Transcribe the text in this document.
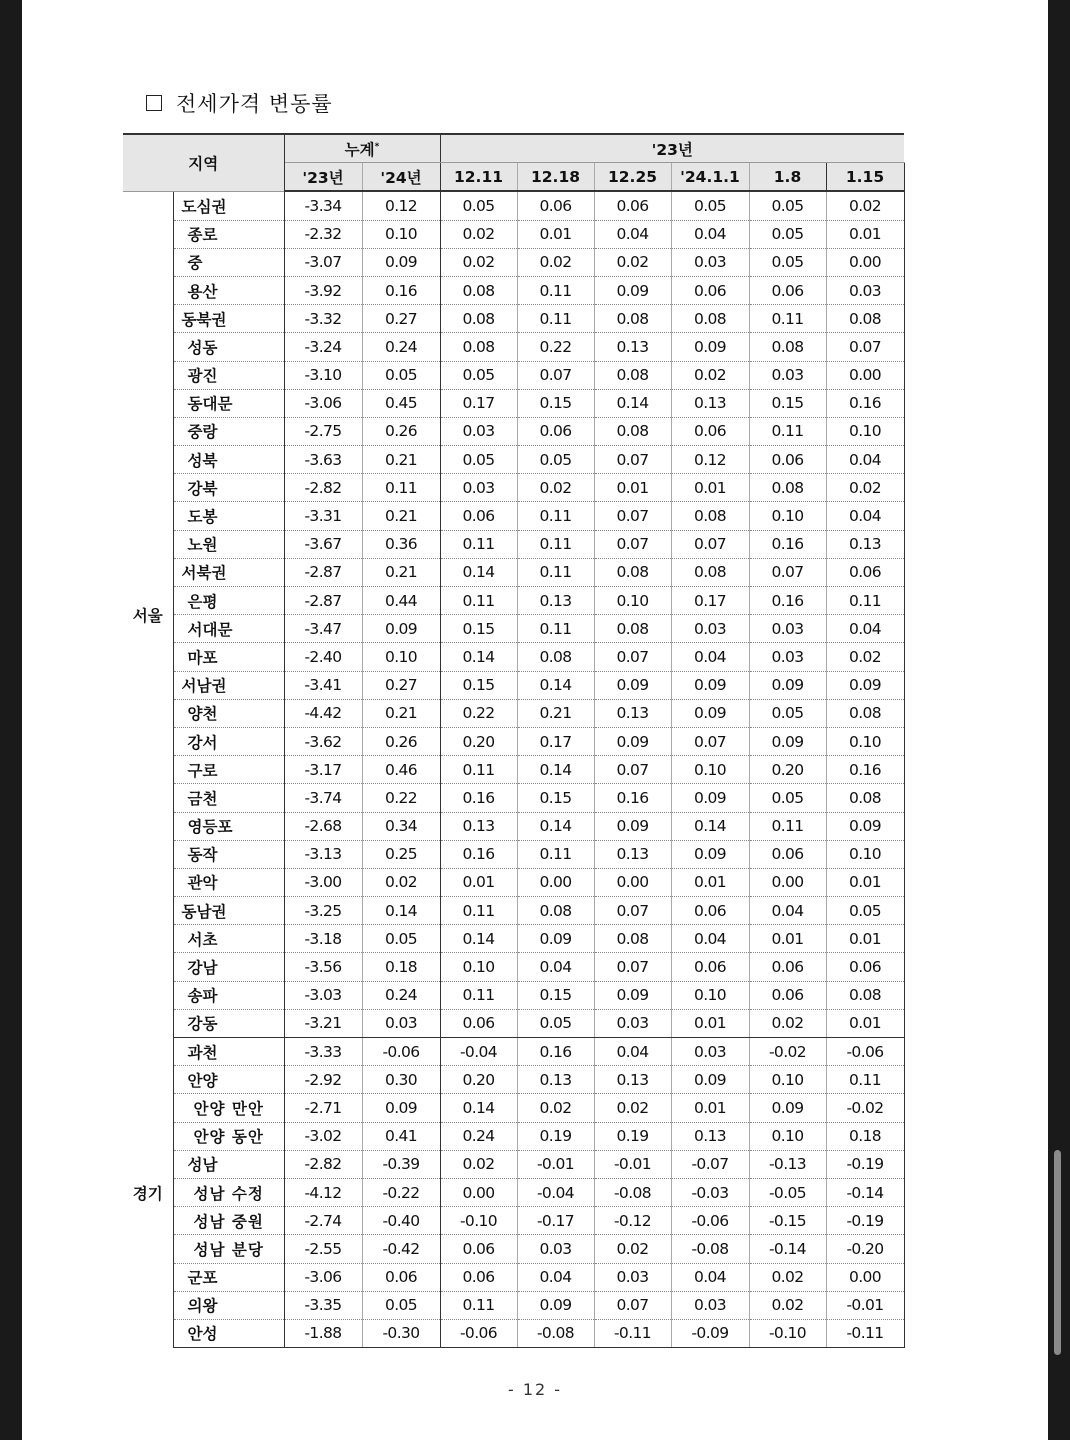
전세가격 변동률
지역		누계*		'23년					
		'23년	'24년	12.11	12.18	12.25	'24.1.1	1.8	1.15
서울	도심권	-3.34	0.12	0.05	0.06	0.06	0.05	0.05	0.02
	종로	-2.32	0.10	0.02	0.01	0.04	0.04	0.05	0.01
	중	-3.07	0.09	0.02	0.02	0.02	0.03	0.05	0.00
	용산	-3.92	0.16	0.08	0.11	0.09	0.06	0.06	0.03
	동북권	-3.32	0.27	0.08	0.11	0.08	0.08	0.11	0.08
	성동	-3.24	0.24	0.08	0.22	0.13	0.09	0.08	0.07
	광진	-3.10	0.05	0.05	0.07	0.08	0.02	0.03	0.00
	동대문	-3.06	0.45	0.17	0.15	0.14	0.13	0.15	0.16
	중랑	-2.75	0.26	0.03	0.06	0.08	0.06	0.11	0.10
	성북	-3.63	0.21	0.05	0.05	0.07	0.12	0.06	0.04
	강북	-2.82	0.11	0.03	0.02	0.01	0.01	0.08	0.02
	도봉	-3.31	0.21	0.06	0.11	0.07	0.08	0.10	0.04
	노원	-3.67	0.36	0.11	0.11	0.07	0.07	0.16	0.13
	서북권	-2.87	0.21	0.14	0.11	0.08	0.08	0.07	0.06
	은평	-2.87	0.44	0.11	0.13	0.10	0.17	0.16	0.11
	서대문	-3.47	0.09	0.15	0.11	0.08	0.03	0.03	0.04
	마포	-2.40	0.10	0.14	0.08	0.07	0.04	0.03	0.02
	서남권	-3.41	0.27	0.15	0.14	0.09	0.09	0.09	0.09
	양천	-4.42	0.21	0.22	0.21	0.13	0.09	0.05	0.08
	강서	-3.62	0.26	0.20	0.17	0.09	0.07	0.09	0.10
	구로	-3.17	0.46	0.11	0.14	0.07	0.10	0.20	0.16
	금천	-3.74	0.22	0.16	0.15	0.16	0.09	0.05	0.08
	영등포	-2.68	0.34	0.13	0.14	0.09	0.14	0.11	0.09
	동작	-3.13	0.25	0.16	0.11	0.13	0.09	0.06	0.10
	관악	-3.00	0.02	0.01	0.00	0.00	0.01	0.00	0.01
	동남권	-3.25	0.14	0.11	0.08	0.07	0.06	0.04	0.05
	서초	-3.18	0.05	0.14	0.09	0.08	0.04	0.01	0.01
	강남	-3.56	0.18	0.10	0.04	0.07	0.06	0.06	0.06
	송파	-3.03	0.24	0.11	0.15	0.09	0.10	0.06	0.08
	강동	-3.21	0.03	0.06	0.05	0.03	0.01	0.02	0.01
경기	과천	-3.33	-0.06	-0.04	0.16	0.04	0.03	-0.02	-0.06
	안양	-2.92	0.30	0.20	0.13	0.13	0.09	0.10	0.11
	안양 만안	-2.71	0.09	0.14	0.02	0.02	0.01	0.09	-0.02
	안양 동안	-3.02	0.41	0.24	0.19	0.19	0.13	0.10	0.18
	성남	-2.82	-0.39	0.02	-0.01	-0.01	-0.07	-0.13	-0.19
	성남 수정	-4.12	-0.22	0.00	-0.04	-0.08	-0.03	-0.05	-0.14
	성남 중원	-2.74	-0.40	-0.10	-0.17	-0.12	-0.06	-0.15	-0.19
	성남 분당	-2.55	-0.42	0.06	0.03	0.02	-0.08	-0.14	-0.20
	군포	-3.06	0.06	0.06	0.04	0.03	0.04	0.02	0.00
	의왕	-3.35	0.05	0.11	0.09	0.07	0.03	0.02	-0.01
	안성	-1.88	-0.30	-0.06	-0.08	-0.11	-0.09	-0.10	-0.11
- 12 -
